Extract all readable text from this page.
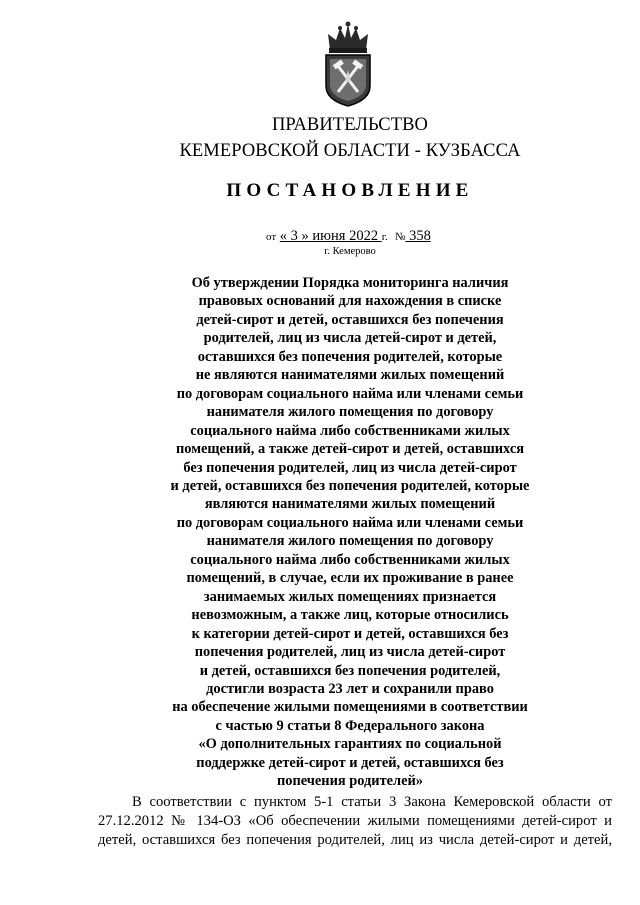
ПРАВИТЕЛЬСТВО
КЕМЕРОВСКОЙ ОБЛАСТИ - КУЗБАССА
ПОСТАНОВЛЕНИЕ
от « 3 » июня 2022 г. № 358
г. Кемерово
Об утверждении Порядка мониторинга наличия
правовых оснований для нахождения в списке
детей-сирот и детей, оставшихся без попечения
родителей, лиц из числа детей-сирот и детей,
оставшихся без попечения родителей, которые
не являются нанимателями жилых помещений
по договорам социального найма или членами семьи
нанимателя жилого помещения по договору
социального найма либо собственниками жилых
помещений, а также детей-сирот и детей, оставшихся
без попечения родителей, лиц из числа детей-сирот
и детей, оставшихся без попечения родителей, которые
являются нанимателями жилых помещений
по договорам социального найма или членами семьи
нанимателя жилого помещения по договору
социального найма либо собственниками жилых
помещений, в случае, если их проживание в ранее
занимаемых жилых помещениях признается
невозможным, а также лиц, которые относились
к категории детей-сирот и детей, оставшихся без
попечения родителей, лиц из числа детей-сирот
и детей, оставшихся без попечения родителей,
достигли возраста 23 лет и сохранили право
на обеспечение жилыми помещениями в соответствии
с частью 9 статьи 8 Федерального закона
«О дополнительных гарантиях по социальной
поддержке детей-сирот и детей, оставшихся без
попечения родителей»
В соответствии с пунктом 5-1 статьи 3 Закона Кемеровской области от
27.12.2012 № 134-ОЗ «Об обеспечении жилыми помещениями детей-сирот и
детей, оставшихся без попечения родителей, лиц из числа детей-сирот и детей,
